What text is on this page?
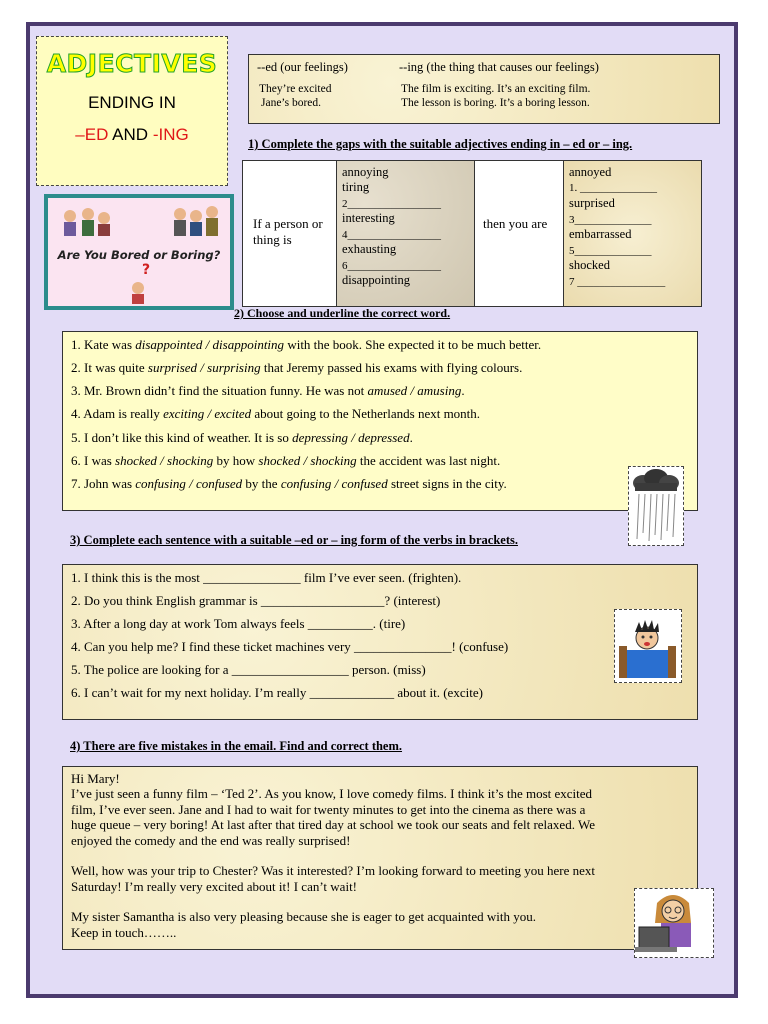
ADJECTIVES
ENDING IN
–ED AND -ING
?
Are You Bored or Boring?
--ed (our feelings)	--ing (the thing that causes our feelings)
They’re excited
Jane’s bored.
The film is exciting. It’s an exciting film.
The lesson is boring. It’s a boring lesson.
1) Complete the gaps with the suitable adjectives ending in – ed or – ing.
If a person or thing is
annoying
tiring
2_________________
interesting
4_________________
exhausting
6_________________
disappointing
then you are
annoyed
1. ______________
surprised
3______________
embarrassed
5______________
shocked
7 ________________
2) Choose and underline the correct word.
1. Kate was disappointed / disappointing with the book. She expected it to be much better.
2. It was quite surprised / surprising that Jeremy passed his exams with flying colours.
3. Mr. Brown didn’t find the situation funny. He was not amused / amusing.
4. Adam is really exciting / excited about going to the Netherlands next month.
5. I don’t like this kind of weather. It is so depressing / depressed.
6. I was shocked / shocking by how shocked / shocking the accident was last night.
7. John was confusing / confused by the confusing / confused street signs in the city.
3) Complete each sentence with a suitable –ed or – ing form of the verbs in brackets.
1. I think this is the most _______________ film I’ve ever seen. (frighten).
2. Do you think English grammar is ___________________? (interest)
3. After a long day at work Tom always feels __________. (tire)
4. Can you help me? I find these ticket machines very _______________! (confuse)
5. The police are looking for a __________________ person. (miss)
6. I can’t wait for my next holiday. I’m really _____________ about it. (excite)
4) There are five mistakes in the email. Find and correct them.
Hi Mary!
I’ve just seen a funny film – ‘Ted 2’. As you know, I love comedy films. I think it’s the most excited
film, I’ve ever seen. Jane and I had to wait for twenty minutes to get into the cinema as there was a
huge queue – very boring! At last after that tired day at school we took our seats and felt relaxed. We
enjoyed the comedy and the end was really surprised!
Well, how was your trip to Chester? Was it interested? I’m looking forward to meeting you here next
Saturday! I’m really very excited about it! I can’t wait!
My sister Samantha is also very pleasing because she is eager to get acquainted with you.
Keep in touch……..
